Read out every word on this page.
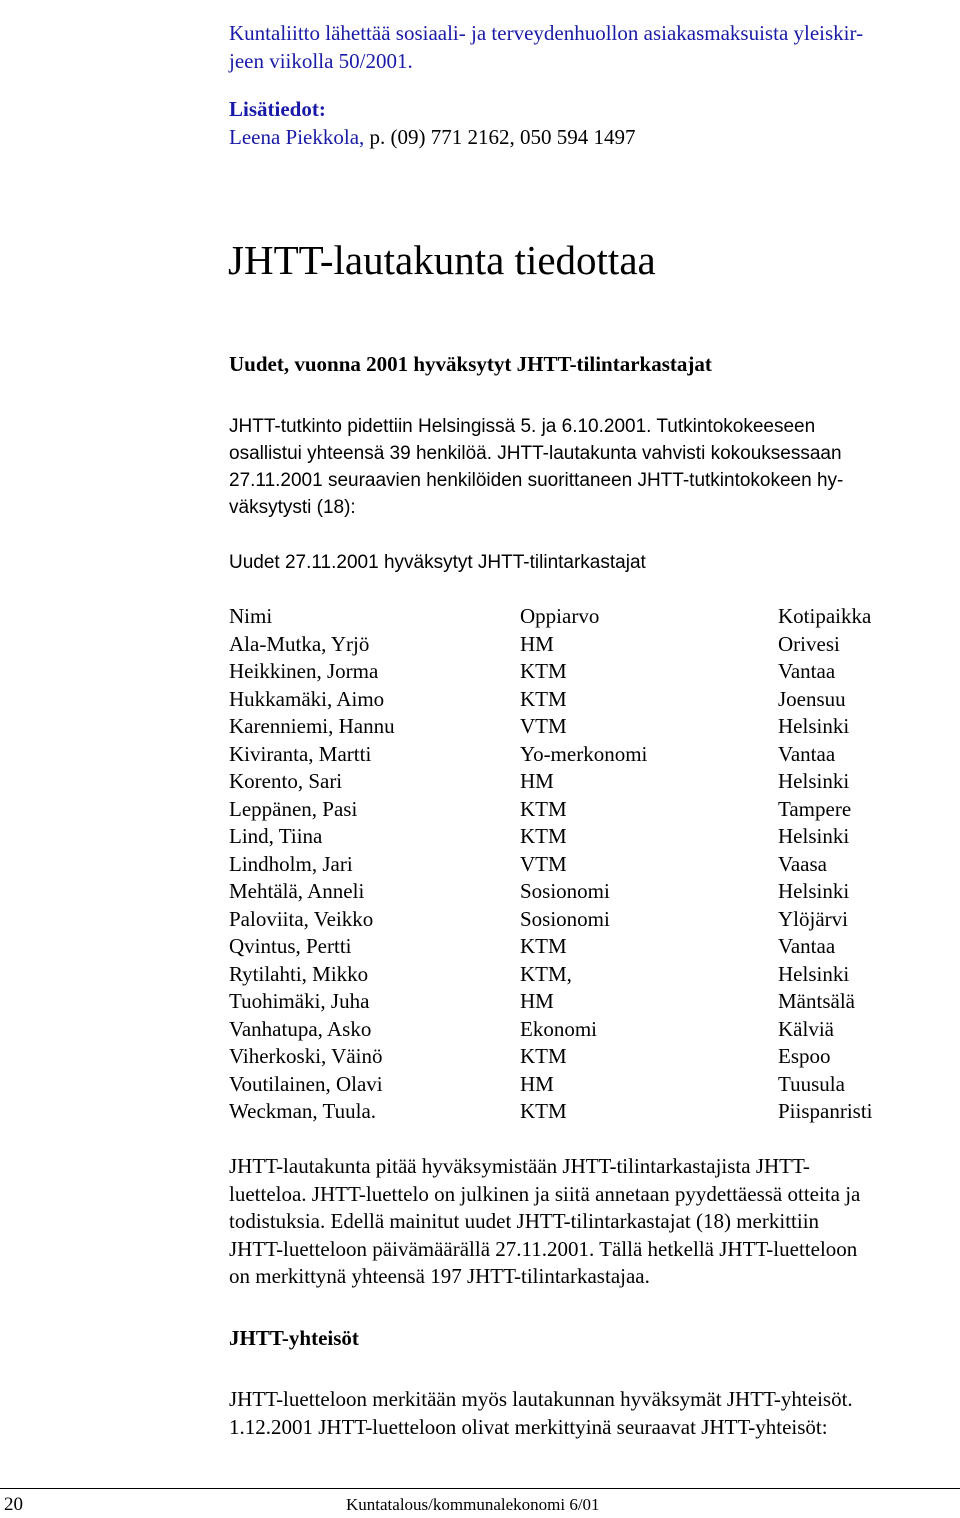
Kuntaliitto lähettää sosiaali- ja terveydenhuollon asiakasmaksuista yleiskir-
jeen viikolla 50/2001.
Lisätiedot:
Leena Piekkola, p. (09) 771 2162, 050 594 1497
JHTT-lautakunta tiedottaa
Uudet, vuonna 2001 hyväksytyt JHTT-tilintarkastajat
JHTT-tutkinto pidettiin Helsingissä 5. ja 6.10.2001. Tutkintokokeeseen
osallistui yhteensä 39 henkilöä. JHTT-lautakunta vahvisti kokouksessaan
27.11.2001 seuraavien henkilöiden suorittaneen JHTT-tutkintokokeen hy-
väksytysti (18):
Uudet 27.11.2001 hyväksytyt JHTT-tilintarkastajat
Nimi	Oppiarvo	Kotipaikka
Ala-Mutka, Yrjö	HM	Orivesi
Heikkinen, Jorma	KTM	Vantaa
Hukkamäki, Aimo	KTM	Joensuu
Karenniemi, Hannu	VTM	Helsinki
Kiviranta, Martti	Yo-merkonomi	Vantaa
Korento, Sari	HM	Helsinki
Leppänen, Pasi	KTM	Tampere
Lind, Tiina	KTM	Helsinki
Lindholm, Jari	VTM	Vaasa
Mehtälä, Anneli	Sosionomi	Helsinki
Paloviita, Veikko	Sosionomi	Ylöjärvi
Qvintus, Pertti	KTM	Vantaa
Rytilahti, Mikko	KTM,	Helsinki
Tuohimäki, Juha	HM	Mäntsälä
Vanhatupa, Asko	Ekonomi	Kälviä
Viherkoski, Väinö	KTM	Espoo
Voutilainen, Olavi	HM	Tuusula
Weckman, Tuula.	KTM	Piispanristi
JHTT-lautakunta pitää hyväksymistään JHTT-tilintarkastajista JHTT-
luetteloa. JHTT-luettelo on julkinen ja siitä annetaan pyydettäessä otteita ja
todistuksia. Edellä mainitut uudet JHTT-tilintarkastajat (18) merkittiin
JHTT-luetteloon päivämäärällä 27.11.2001. Tällä hetkellä JHTT-luetteloon
on merkittynä yhteensä 197 JHTT-tilintarkastajaa.
JHTT-yhteisöt
JHTT-luetteloon merkitään myös lautakunnan hyväksymät JHTT-yhteisöt.
1.12.2001 JHTT-luetteloon olivat merkittyinä seuraavat JHTT-yhteisöt:
20	Kuntatalous/kommunalekonomi 6/01
